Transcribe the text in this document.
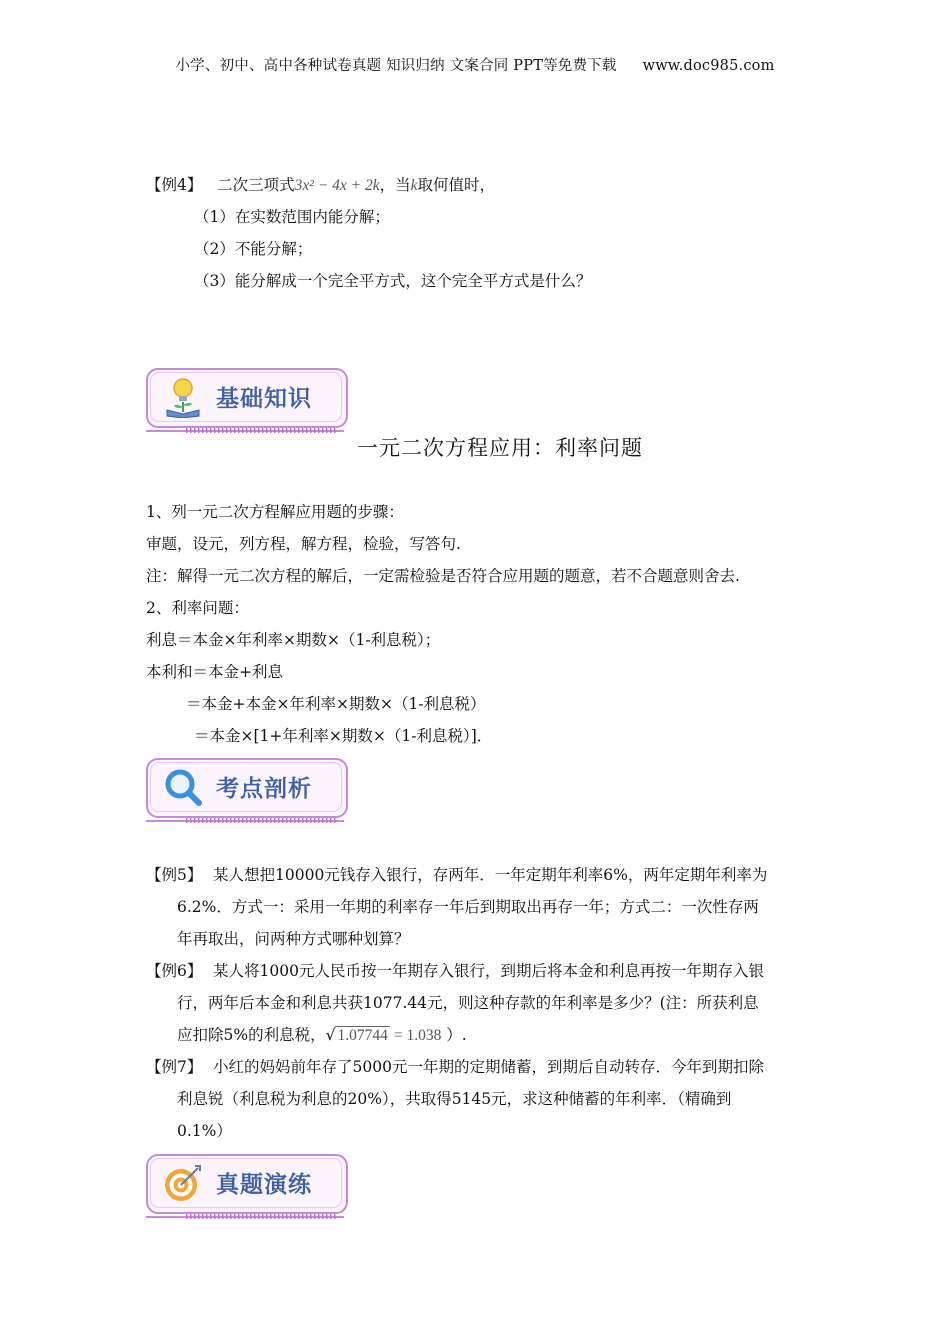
小学、初中、高中各种试卷真题 知识归纳 文案合同 PPT等免费下载 www.doc985.com
【例4】 二次三项式3x² − 4x + 2k，当k取何值时，
（1）在实数范围内能分解；
（2）不能分解；
（3）能分解成一个完全平方式，这个完全平方式是什么？
基础知识
一元二次方程应用：利率问题
1、列一元二次方程解应用题的步骤：
审题，设元，列方程，解方程，检验，写答句.
注：解得一元二次方程的解后，一定需检验是否符合应用题的题意，若不合题意则舍去.
2、利率问题：
利息＝本金×年利率×期数×（1-利息税）；
本利和＝本金+利息
＝本金+本金×年利率×期数×（1-利息税）
＝本金×[1+年利率×期数×（1-利息税）]．
考点剖析
【例5】 某人想把10000元钱存入银行，存两年．一年定期年利率6%，两年定期年利率为
6.2%．方式一：采用一年期的利率存一年后到期取出再存一年；方式二：一次性存两
年再取出，问两种方式哪种划算？
【例6】 某人将1000元人民币按一年期存入银行，到期后将本金和利息再按一年期存入银
行，两年后本金和利息共获1077.44元，则这种存款的年利率是多少？(注：所获利息
应扣除5%的利息税，√ 1.07744 = 1.038 ）.
【例7】 小红的妈妈前年存了5000元一年期的定期储蓄，到期后自动转存．今年到期扣除
利息锐（利息税为利息的20%），共取得5145元，求这种储蓄的年利率．（精确到
0.1%）
真题演练
